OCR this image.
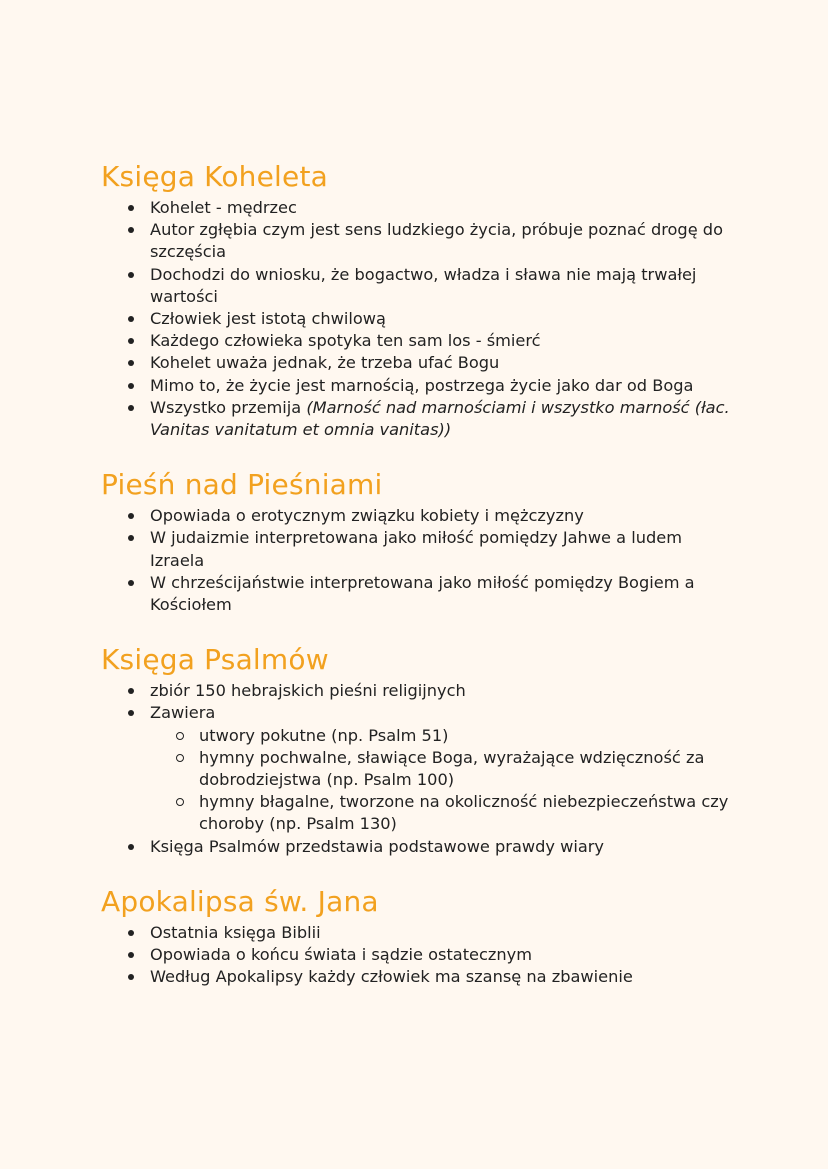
Księga Koheleta
Kohelet - mędrzec
Autor zgłębia czym jest sens ludzkiego życia, próbuje poznać drogę do szczęścia
Dochodzi do wniosku, że bogactwo, władza i sława nie mają trwałej wartości
Człowiek jest istotą chwilową
Każdego człowieka spotyka ten sam los - śmierć
Kohelet uważa jednak, że trzeba ufać Bogu
Mimo to, że życie jest marnością, postrzega życie jako dar od Boga
Wszystko przemija (Marność nad marnościami i wszystko marność (łac. Vanitas vanitatum et omnia vanitas))
Pieśń nad Pieśniami
Opowiada o erotycznym związku kobiety i mężczyzny
W judaizmie interpretowana jako miłość pomiędzy Jahwe a ludem Izraela
W chrześcijaństwie interpretowana jako miłość pomiędzy Bogiem a Kościołem
Księga Psalmów
zbiór 150 hebrajskich pieśni religijnych
Zawiera
utwory pokutne (np. Psalm 51)
hymny pochwalne, sławiące Boga, wyrażające wdzięczność za dobrodziejstwa (np. Psalm 100)
hymny błagalne, tworzone na okoliczność niebezpieczeństwa czy choroby (np. Psalm 130)
Księga Psalmów przedstawia podstawowe prawdy wiary
Apokalipsa św. Jana
Ostatnia księga Biblii
Opowiada o końcu świata i sądzie ostatecznym
Według Apokalipsy każdy człowiek ma szansę na zbawienie
